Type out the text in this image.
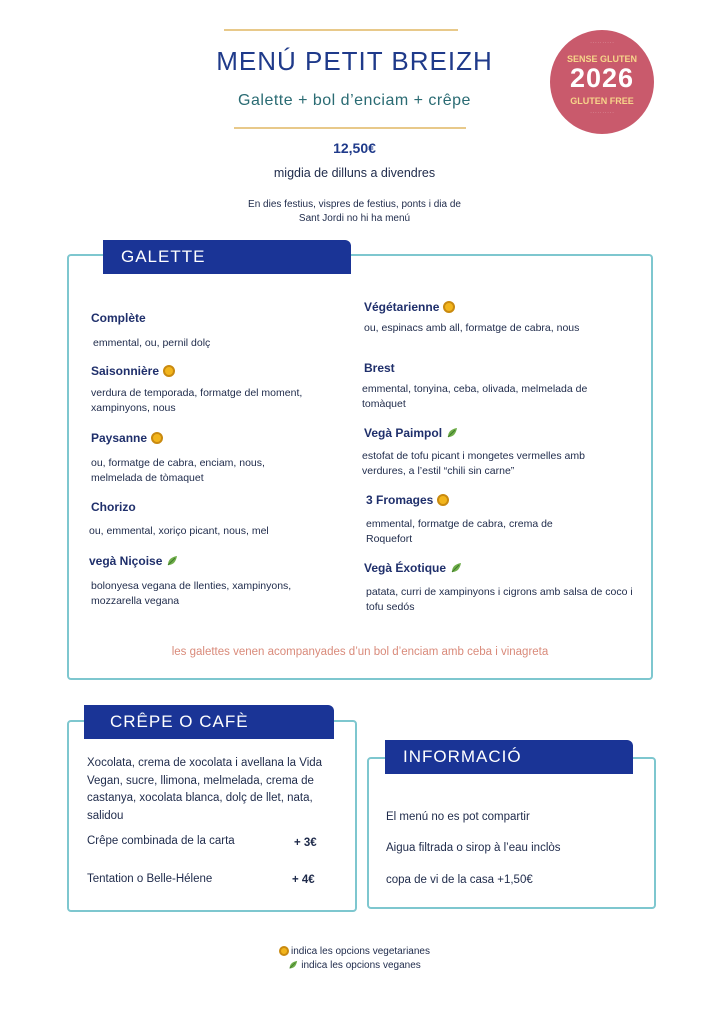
MENÚ PETIT BREIZH
Galette + bol d’enciam + crêpe
12,50€
migdia de dilluns a divendres
En dies festius, vispres de festius, ponts i dia de
Sant Jordi no hi ha menú
· · · · · · · · · ·
SENSE GLUTEN
2026
GLUTEN FREE
· · · · · · · · · ·
GALETTE
Complète
emmental, ou, pernil dolç
Saisonnière
verdura de temporada, formatge del moment, xampinyons, nous
Paysanne
ou, formatge de cabra, enciam, nous, melmelada de tòmaquet
Chorizo
ou, emmental, xoriço picant, nous, mel
vegà Niçoise
bolonyesa vegana de llenties, xampinyons, mozzarella vegana
Végétarienne
ou, espinacs amb all, formatge de cabra, nous
Brest
emmental, tonyina, ceba, olivada, melmelada de tomàquet
Vegà Paimpol
estofat de tofu picant i mongetes vermelles amb verdures, a l’estil “chili sin carne”
3 Fromages
emmental, formatge de cabra, crema de Roquefort
Vegà Éxotique
patata, curri de xampinyons i cigrons amb salsa de coco i tofu sedós
les galettes venen acompanyades d’un bol d’enciam amb ceba i vinagreta
CRÊPE O CAFÈ
Xocolata, crema de xocolata i avellana la Vida Vegan, sucre, llimona, melmelada, crema de castanya, xocolata blanca, dolç de llet, nata, salidou
Crêpe combinada de la carta	+ 3€
Tentation o Belle-Hélene	+ 4€
INFORMACIÓ
El menú no es pot compartir
Aigua filtrada o sirop à l’eau inclòs
copa de vi de la casa +1,50€
indica les opcions vegetarianes
indica les opcions veganes
